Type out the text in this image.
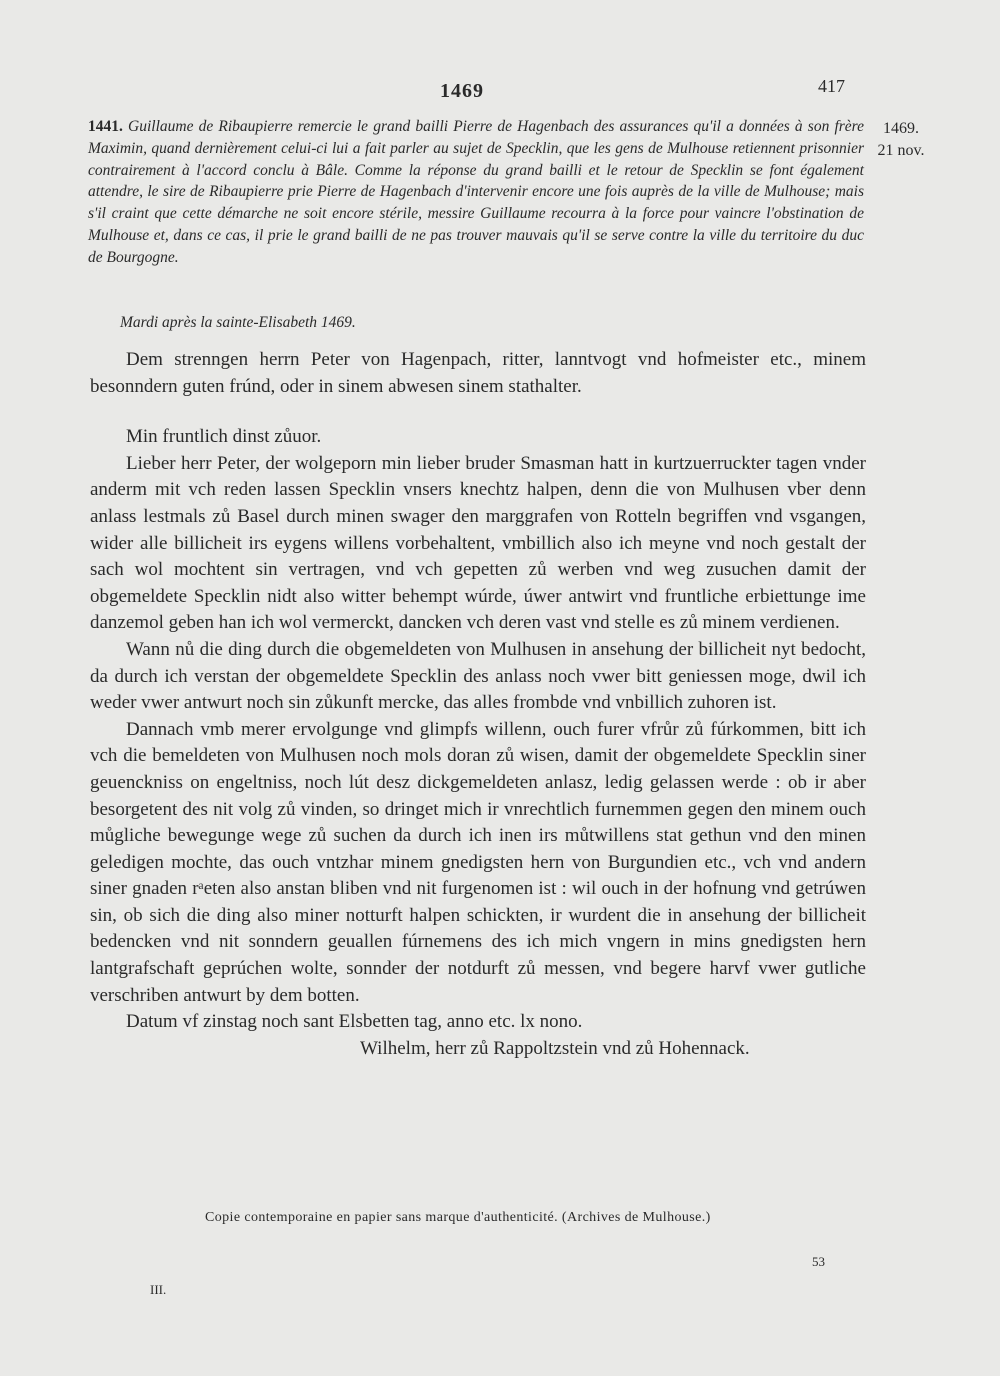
1469	417
1469.
21 nov.
1441. Guillaume de Ribaupierre remercie le grand bailli Pierre de Hagenbach des assurances qu'il a données à son frère Maximin, quand dernièrement celui-ci lui a fait parler au sujet de Specklin, que les gens de Mulhouse retiennent prisonnier contrairement à l'accord conclu à Bâle. Comme la réponse du grand bailli et le retour de Specklin se font également attendre, le sire de Ribaupierre prie Pierre de Hagenbach d'intervenir encore une fois auprès de la ville de Mulhouse; mais s'il craint que cette démarche ne soit encore stérile, messire Guillaume recourra à la force pour vaincre l'obstination de Mulhouse et, dans ce cas, il prie le grand bailli de ne pas trouver mauvais qu'il se serve contre la ville du territoire du duc de Bourgogne.
Mardi après la sainte-Elisabeth 1469.

Dem strenngen herrn Peter von Hagenpach, ritter, lanntvogt vnd hofmeister etc., minem besonndern guten frúnd, oder in sinem abwesen sinem stathalter.

Min fruntlich dinst zůuor.

Lieber herr Peter, der wolgeporn min lieber bruder Smasman hatt in kurtzuerruckter tagen vnder anderm mit vch reden lassen Specklin vnsers knechtz halpen, denn die von Mulhusen vber denn anlass lestmals zů Basel durch minen swager den marggrafen von Rotteln begriffen vnd vsgangen, wider alle billicheit irs eygens willens vorbehaltent, vmbillich also ich meyne vnd noch gestalt der sach wol mochtent sin vertragen, vnd vch gepetten zů werben vnd weg zusuchen damit der obgemeldete Specklin nidt also witter behempt wúrde, úwer antwirt vnd fruntliche erbiettunge ime danzemol geben han ich wol vermerckt, dancken vch deren vast vnd stelle es zů minem verdienen.

Wann nů die ding durch die obgemeldeten von Mulhusen in ansehung der billicheit nyt bedocht, da durch ich verstan der obgemeldete Specklin des anlass noch vwer bitt geniessen moge, dwil ich weder vwer antwurt noch sin zůkunft mercke, das alles frombde vnd vnbillich zuhoren ist.

Dannach vmb merer ervolgunge vnd glimpfs willenn, ouch furer vfrůr zů fúrkommen, bitt ich vch die bemeldeten von Mulhusen noch mols doran zů wisen, damit der obgemeldete Specklin siner geuenckniss on engeltniss, noch lút desz dickgemeldeten anlasz, ledig gelassen werde : ob ir aber besorgetent des nit volg zů vinden, so dringet mich ir vnrechtlich furnemmen gegen den minem ouch můgliche bewegunge wege zů suchen da durch ich inen irs můtwillens stat gethun vnd den minen geledigen mochte, das ouch vntzhar minem gnedigsten hern von Burgundien etc., vch vnd andern siner gnaden rᵃeten also anstan bliben vnd nit furgenomen ist : wil ouch in der hofnung vnd getrúwen sin, ob sich die ding also miner notturft halpen schickten, ir wurdent die in ansehung der billicheit bedencken vnd nit sonndern geuallen fúrnemens des ich mich vngern in mins gnedigsten hern lantgrafschaft geprúchen wolte, sonnder der notdurft zů messen, vnd begere harvf vwer gutliche verschriben antwurt by dem botten.

Datum vf zinstag noch sant Elsbetten tag, anno etc. lx nono.

Wilhelm, herr zů Rappoltzstein vnd zů Hohennack.

Copie contemporaine en papier sans marque d'authenticité. (Archives de Mulhouse.)
53
III.
